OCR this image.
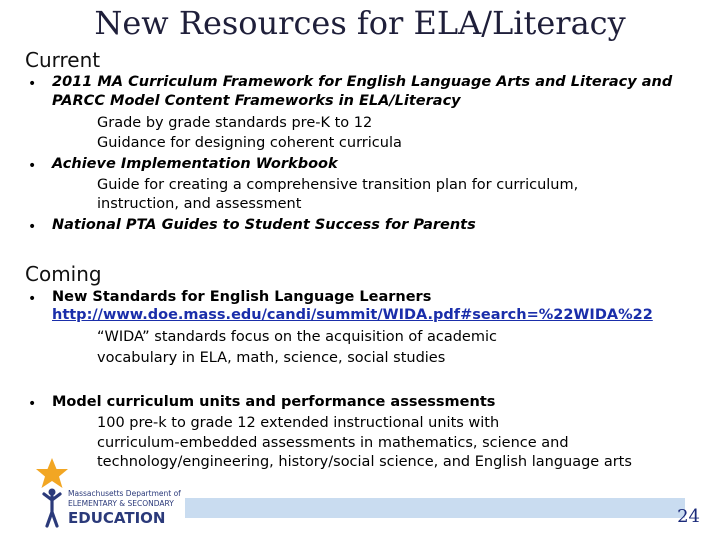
New Resources for ELA/Literacy
Current
• 2011 MA Curriculum Framework for English Language Arts and Literacy and
PARCC Model Content Frameworks in ELA/Literacy
Grade by grade standards pre-K to 12
Guidance for designing coherent curricula
• Achieve Implementation Workbook
Guide for creating a comprehensive transition plan for curriculum,
instruction, and assessment
• National PTA Guides to Student Success for Parents
Coming
• New Standards for English Language Learners
http://www.doe.mass.edu/candi/summit/WIDA.pdf#search=%22WIDA%22
“WIDA” standards focus on the acquisition of academic
vocabulary in ELA, math, science, social studies
• Model curriculum units and performance assessments
100 pre-k to grade 12 extended instructional units with
curriculum-embedded assessments in mathematics, science and
technology/engineering, history/social science, and English language arts
24
Massachusetts Department of
ELEMENTARY & SECONDARY
EDUCATION
